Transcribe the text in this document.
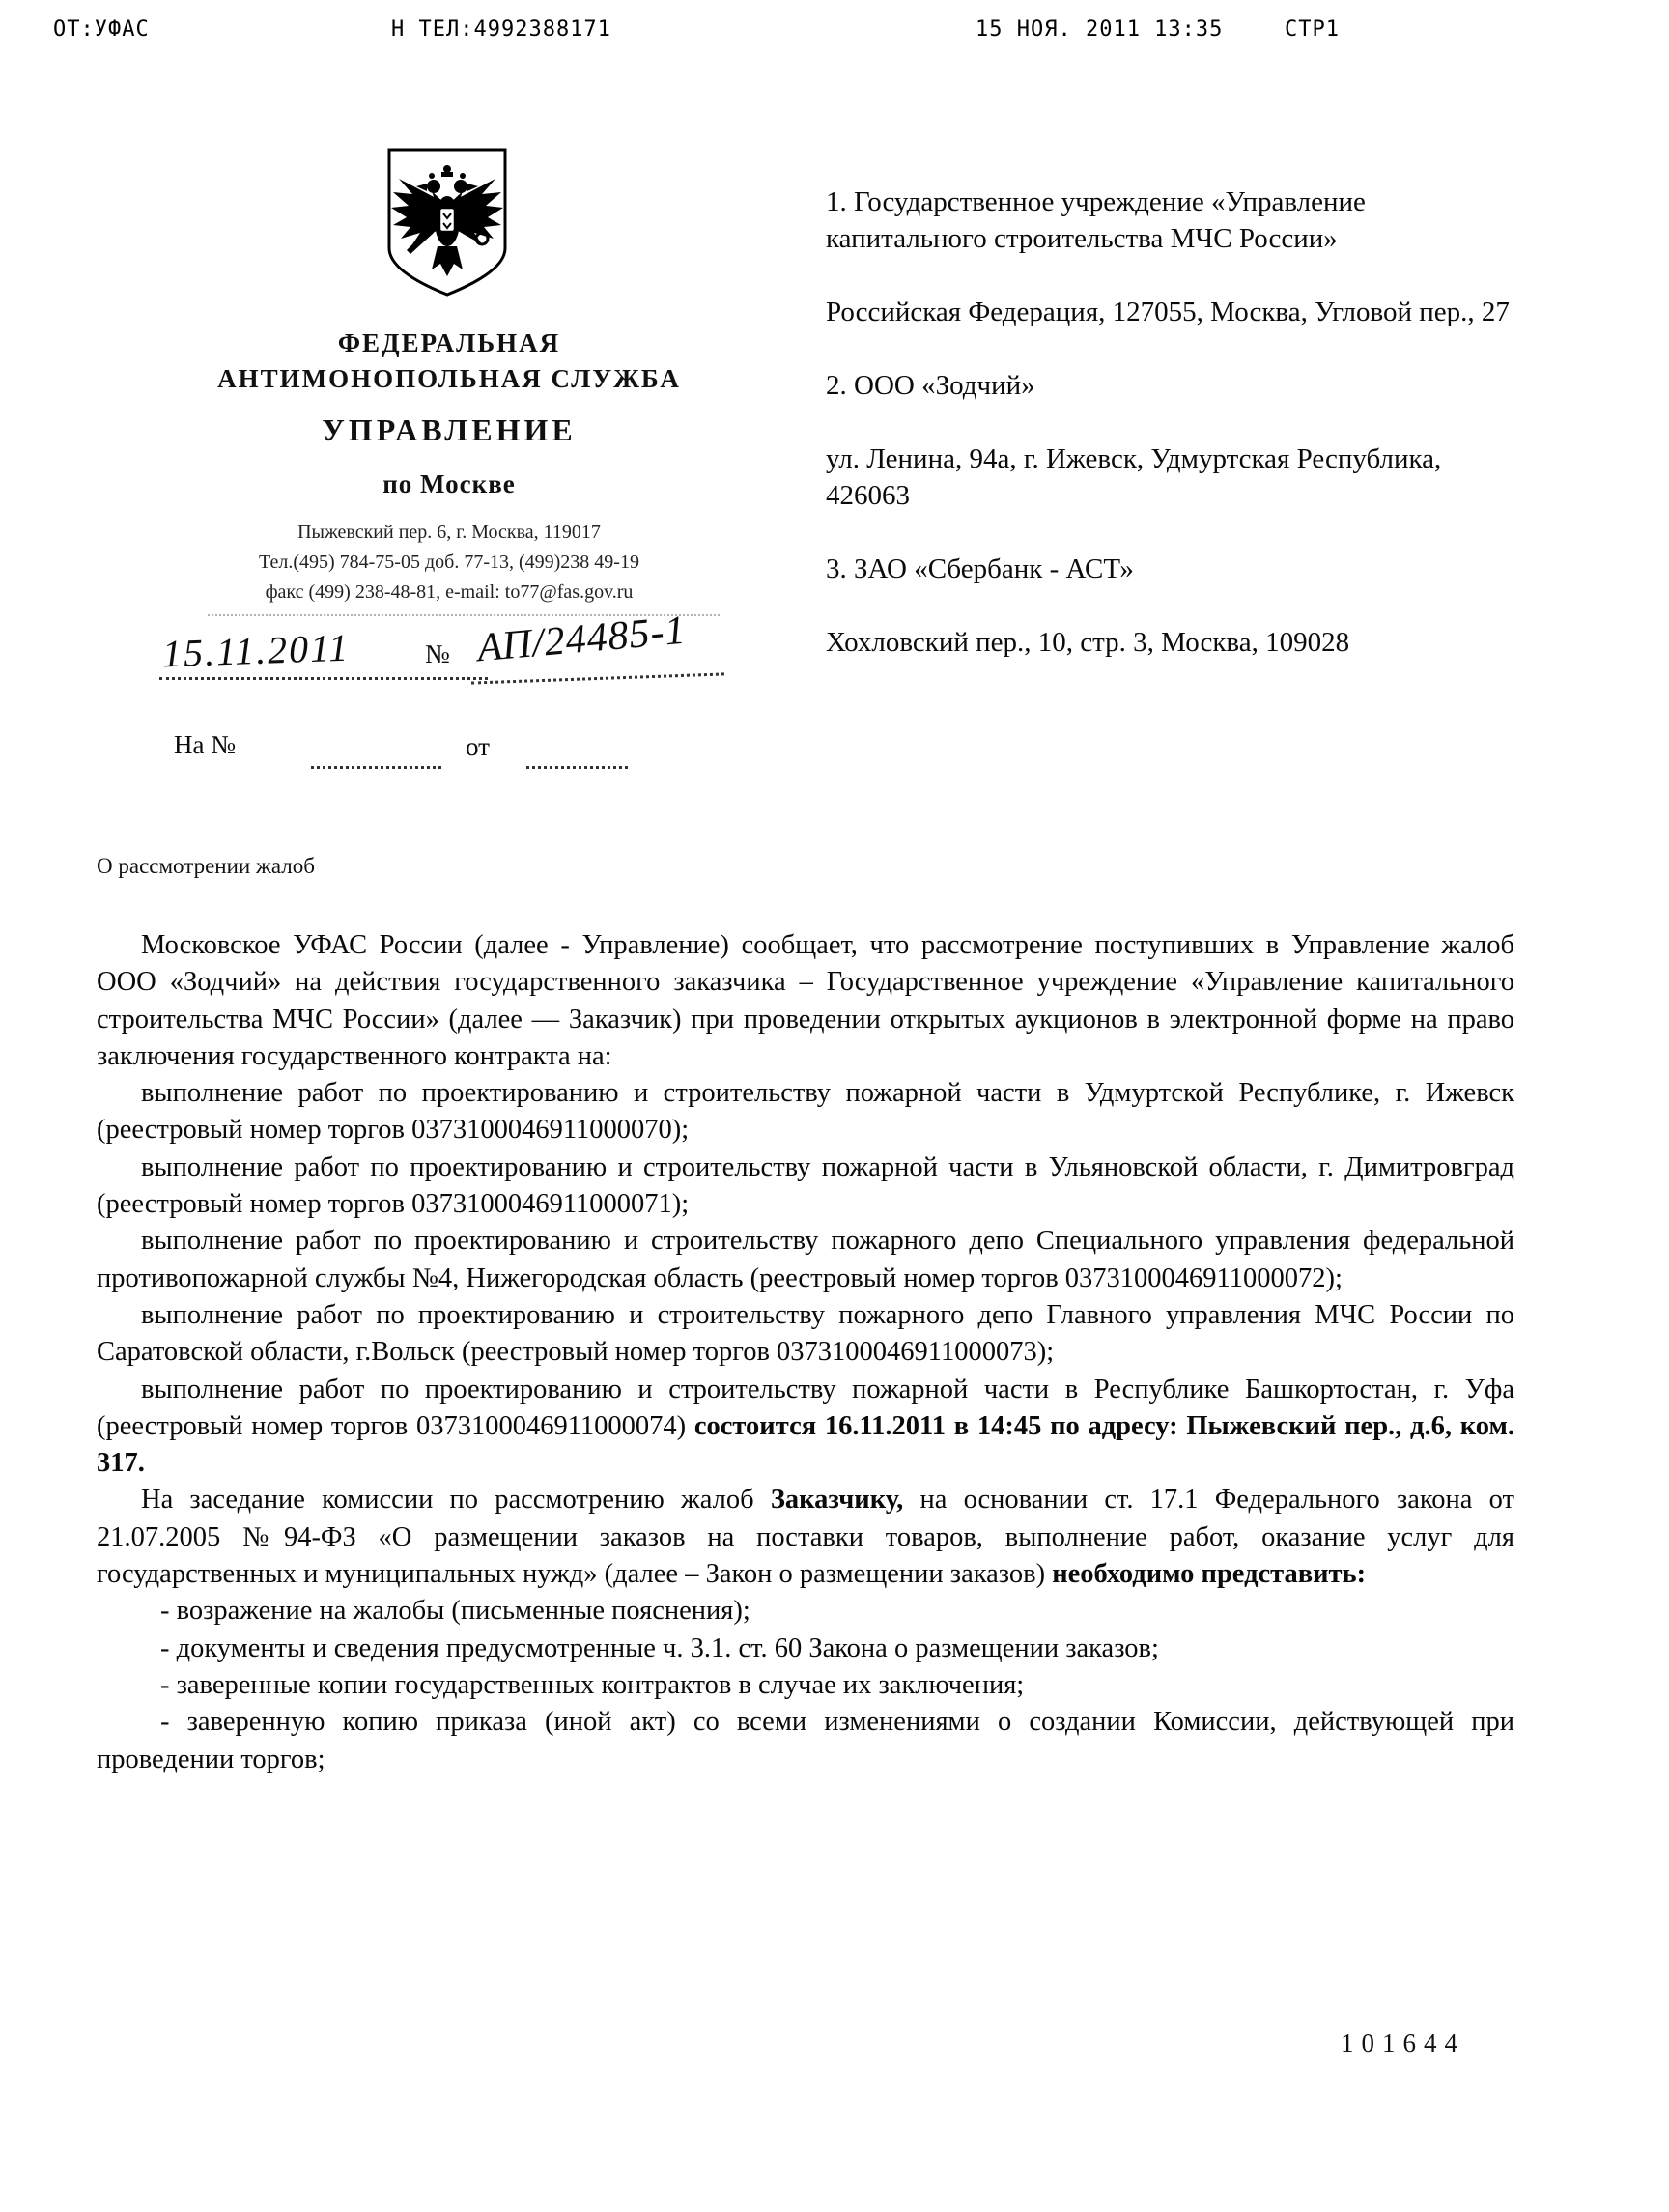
ОТ:УФАС	Н ТЕЛ:4992388171	15 НОЯ. 2011 13:35	СТР1
ФЕДЕРАЛЬНАЯ
АНТИМОНОПОЛЬНАЯ СЛУЖБА
УПРАВЛЕНИЕ
по Москве
Пыжевский пер. 6, г. Москва, 119017
Тел.(495) 784-75-05 доб. 77-13, (499)238 49-19
факс (499) 238-48-81, e-mail: to77@fas.gov.ru
15.11.2011	№ АП/24485-1
На №	от
1. Государственное учреждение «Управление капитального строительства МЧС России»
Российская Федерация, 127055, Москва, Угловой пер., 27
2. ООО «Зодчий»
ул. Ленина, 94а, г. Ижевск, Удмуртская Республика, 426063
3. ЗАО «Сбербанк - АСТ»
Хохловский пер., 10, стр. 3, Москва, 109028
О рассмотрении жалоб

Московское УФАС России (далее - Управление) сообщает, что рассмотрение поступивших в Управление жалоб ООО «Зодчий» на действия государственного заказчика – Государственное учреждение «Управление капитального строительства МЧС России» (далее — Заказчик) при проведении открытых аукционов в электронной форме на право заключения государственного контракта на:

выполнение работ по проектированию и строительству пожарной части в Удмуртской Республике, г. Ижевск (реестровый номер торгов 0373100046911000070);

выполнение работ по проектированию и строительству пожарной части в Ульяновской области, г. Димитровград (реестровый номер торгов 0373100046911000071);

выполнение работ по проектированию и строительству пожарного депо Специального управления федеральной противопожарной службы №4, Нижегородская область (реестровый номер торгов 0373100046911000072);

выполнение работ по проектированию и строительству пожарного депо Главного управления МЧС России по Саратовской области, г.Вольск (реестровый номер торгов 0373100046911000073);

выполнение работ по проектированию и строительству пожарной части в Республике Башкортостан, г. Уфа (реестровый номер торгов 0373100046911000074) состоится 16.11.2011 в 14:45 по адресу: Пыжевский пер., д.6, ком. 317.

На заседание комиссии по рассмотрению жалоб Заказчику, на основании ст. 17.1 Федерального закона от 21.07.2005 №94-ФЗ «О размещении заказов на поставки товаров, выполнение работ, оказание услуг для государственных и муниципальных нужд» (далее – Закон о размещении заказов) необходимо представить:

- возражение на жалобы (письменные пояснения);

- документы и сведения предусмотренные ч. 3.1. ст. 60 Закона о размещении заказов;

- заверенные копии государственных контрактов в случае их заключения;

- заверенную копию приказа (иной акт) со всеми изменениями о создании Комиссии, действующей при проведении торгов;

101644
